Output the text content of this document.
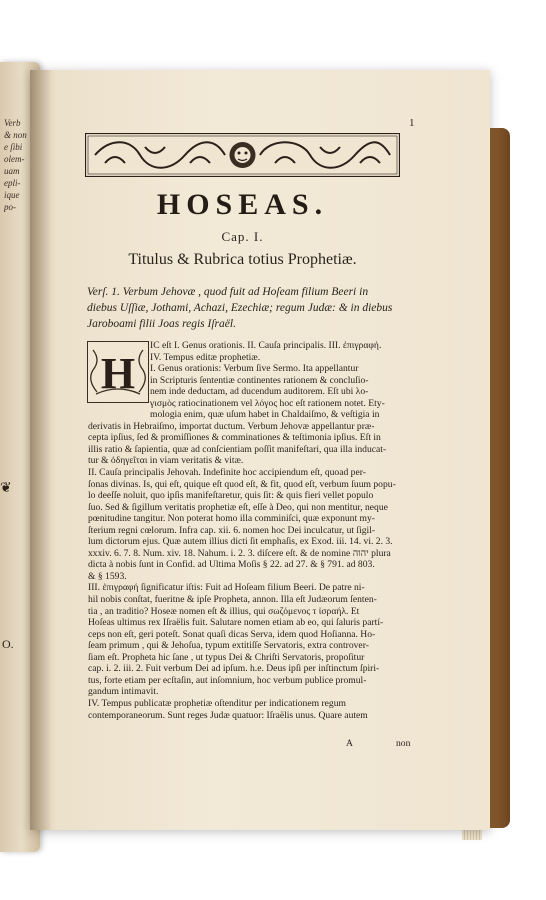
Verb
& non
e ſibi
olem-
uam
epli-
ique
po-
❦
O.
1
HOSEAS.
Cap. I.
Titulus & Rubrica totius Prophetiæ.
Verſ. 1. Verbum Jehovæ , quod fuit ad Hoſeam filium Beeri in
diebus Uſſiæ, Jothami, Achazi, Ezechiæ; regum Judæ: & in diebus
Jaroboami filii Joas regis Iſraël.
H
IC eſt I. Genus orationis. II. Cauſa principalis. III. ἐπιγραφή.
IV. Tempus editæ prophetiæ.
I. Genus orationis: Verbum ſive Sermo. Ita appellantur
in Scripturis ſententiæ continentes rationem & concluſio-
nem inde deductam, ad ducendum auditorem. Eſt ubi λο-
γισμὸς ratiocinationem vel λόγος hoc eſt rationem notet. Ety-
mologia enim, quæ uſum habet in Chaldaiſmo, & veſtigia in
derivatis in Hebraiſmo, importat ductum. Verbum Jehovæ appellantur præ-
cepta ipſius, ſed & promiſſiones & comminationes & teſtimonia ipſius. Eſt in
illis ratio & ſapientia, quæ ad conſcientiam poſſit manifeſtari, qua illa inducat-
tur & ὁδηγεῖται in viam veritatis & vitæ.
II. Cauſa principalis Jehovah. Indefinite hoc accipiendum eſt, quoad per-
ſonas divinas. Is, qui eſt, quique eſt quod eſt, & fit, quod eſt, verbum ſuum popu-
lo deeſſe noluit, quo ipſis manifeſtaretur, quis ſit: & quis fieri vellet populo
ſuo. Sed & ſigillum veritatis prophetiæ eſt, eſſe à Deo, qui non mentitur, neque
pœnitudine tangitur. Non poterat homo illa comminiſci, quæ exponunt my-
ſterium regni cœlorum. Infra cap. xii. 6. nomen hoc Dei inculcatur, ut ſigil-
lum dictorum ejus. Quæ autem illius dicti ſit emphaſis, ex Exod. iii. 14. vi. 2. 3.
xxxiv. 6. 7. 8. Num. xiv. 18. Nahum. i. 2. 3. diſcere eſt. & de nomine יהוה plura
dicta à nobis ſunt in Confid. ad Ultima Moſis § 22. ad 27. & § 791. ad 803.
& § 1593.
III. ἐπιγραφή ſignificatur iſtis: Fuit ad Hoſeam filium Beeri. De patre ni-
hil nobis conſtat, fueritne & ipſe Propheta, annon. Illa eſt Judæorum ſenten-
tia , an traditio? Hoseæ nomen eſt & illius, qui σωζόμενος τ ἰσραήλ. Et
Hoſeas ultimus rex Iſraëlis fuit. Salutare nomen etiam ab eo, qui ſaluris partí-
ceps non eſt, geri poteſt. Sonat quaſi dicas Serva, idem quod Hoſianna. Ho-
ſeam primum , qui & Jehoſua, typum extitiſſe Servatoris, extra controver-
ſiam eſt. Propheta hic ſane , ut typus Dei & Chriſti Servatoris, propoſitur
cap. i. 2. iii. 2. Fuit verbum Dei ad ipſum. h.e. Deus ipſi per inſtinctum ſpiri-
tus, forte etiam per ecſtaſin, aut inſomnium, hoc verbum publice promul-
gandum intimavit.
IV. Tempus publicatæ prophetiæ oſtenditur per indicationem regum
contemporaneorum. Sunt reges Judæ quatuor: Iſraëlis unus. Quare autem
A	non
